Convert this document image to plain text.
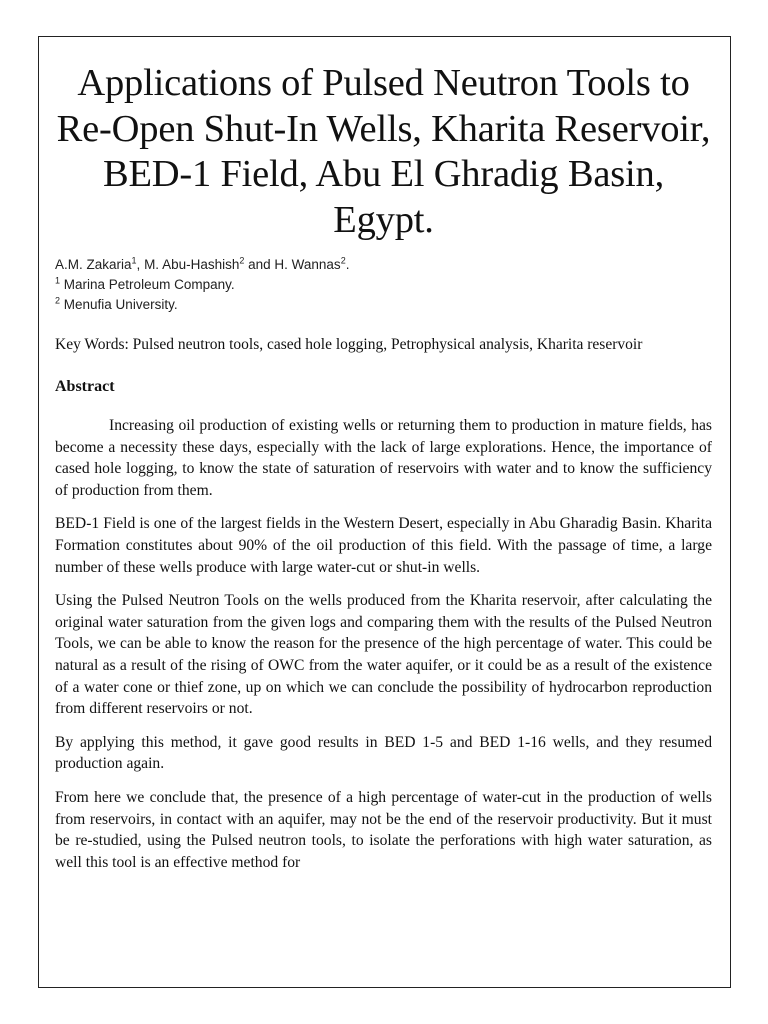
Applications of Pulsed Neutron Tools to Re-Open Shut-In Wells, Kharita Reservoir, BED-1 Field, Abu El Ghradig Basin, Egypt.
A.M. Zakaria$^1$, M. Abu-Hashish$^2$ and H. Wannas$^2$.
$^1$ Marina Petroleum Company.
$^2$ Menufia University.

Key Words: Pulsed neutron tools, cased hole logging, Petrophysical analysis, Kharita reservoir

Abstract

Increasing oil production of existing wells or returning them to production in mature fields, has become a necessity these days, especially with the lack of large explorations. Hence, the importance of cased hole logging, to know the state of saturation of reservoirs with water and to know the sufficiency of production from them.

BED-1 Field is one of the largest fields in the Western Desert, especially in Abu Gharadig Basin. Kharita Formation constitutes about 90% of the oil production of this field. With the passage of time, a large number of these wells produce with large water-cut or shut-in wells.

Using the Pulsed Neutron Tools on the wells produced from the Kharita reservoir, after calculating the original water saturation from the given logs and comparing them with the results of the Pulsed Neutron Tools, we can be able to know the reason for the presence of the high percentage of water. This could be natural as a result of the rising of OWC from the water aquifer, or it could be as a result of the existence of a water cone or thief zone, up on which we can conclude the possibility of hydrocarbon reproduction from different reservoirs or not.

By applying this method, it gave good results in BED 1-5 and BED 1-16 wells, and they resumed production again.

From here we conclude that, the presence of a high percentage of water-cut in the production of wells from reservoirs, in contact with an aquifer, may not be the end of the reservoir productivity. But it must be re-studied, using the Pulsed neutron tools, to isolate the perforations with high water saturation, as well this tool is an effective method for
